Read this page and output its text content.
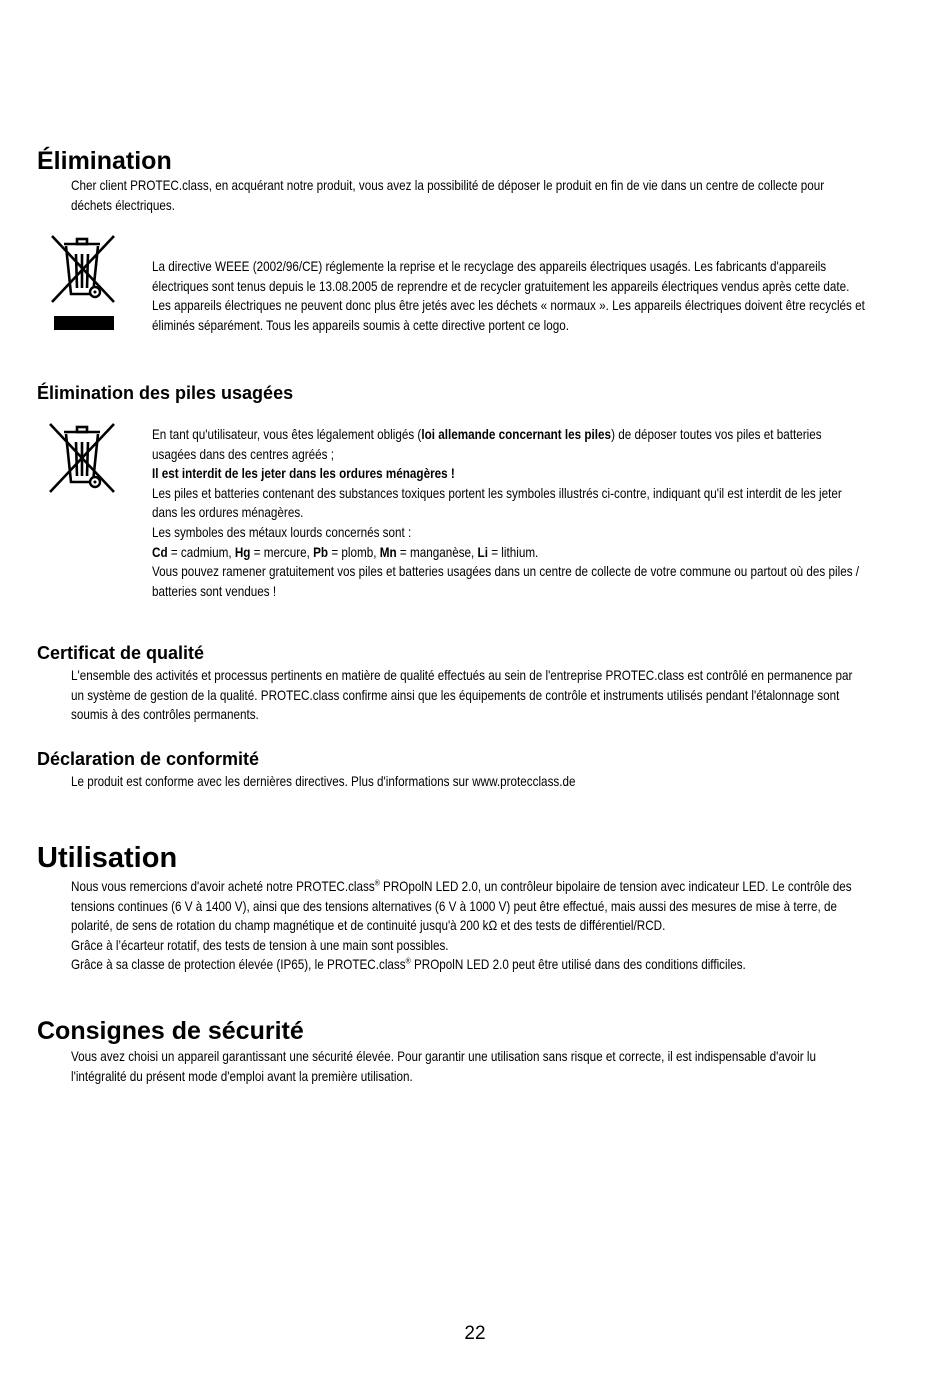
Élimination

Cher client PROTEC.class, en acquérant notre produit, vous avez la possibilité de déposer le produit en fin de vie dans un centre de collecte pour déchets électriques.

La directive WEEE (2002/96/CE) réglemente la reprise et le recyclage des appareils électriques usagés. Les fabricants d'appareils électriques sont tenus depuis le 13.08.2005 de reprendre et de recycler gratuitement les appareils électriques vendus après cette date. Les appareils électriques ne peuvent donc plus être jetés avec les déchets « normaux ». Les appareils électriques doivent être recyclés et éliminés séparément. Tous les appareils soumis à cette directive portent ce logo.

Élimination des piles usagées

En tant qu'utilisateur, vous êtes légalement obligés (loi allemande concernant les piles) de déposer toutes vos piles et batteries usagées dans des centres agréés ;

Il est interdit de les jeter dans les ordures ménagères !

Les piles et batteries contenant des substances toxiques portent les symboles illustrés ci-contre, indiquant qu'il est interdit de les jeter dans les ordures ménagères.

Les symboles des métaux lourds concernés sont :

Cd = cadmium, Hg = mercure, Pb = plomb, Mn = manganèse, Li = lithium.

Vous pouvez ramener gratuitement vos piles et batteries usagées dans un centre de collecte de votre commune ou partout où des piles / batteries sont vendues !

Certificat de qualité

L'ensemble des activités et processus pertinents en matière de qualité effectués au sein de l'entreprise PROTEC.class est contrôlé en permanence par un système de gestion de la qualité. PROTEC.class confirme ainsi que les équipements de contrôle et instruments utilisés pendant l'étalonnage sont soumis à des contrôles permanents.

Déclaration de conformité

Le produit est conforme avec les dernières directives. Plus d'informations sur www.protecclass.de

Utilisation

Nous vous remercions d'avoir acheté notre PROTEC.class® PROpolN LED 2.0, un contrôleur bipolaire de tension avec indicateur LED. Le contrôle des tensions continues (6 V à 1400 V), ainsi que des tensions alternatives (6 V à 1000 V) peut être effectué, mais aussi des mesures de mise à terre, de polarité, de sens de rotation du champ magnétique et de continuité jusqu'à 200 kΩ et des tests de différentiel/RCD.

Grâce à l’écarteur rotatif, des tests de tension à une main sont possibles.

Grâce à sa classe de protection élevée (IP65), le PROTEC.class® PROpolN LED 2.0 peut être utilisé dans des conditions difficiles.

Consignes de sécurité

Vous avez choisi un appareil garantissant une sécurité élevée. Pour garantir une utilisation sans risque et correcte, il est indispensable d'avoir lu l'intégralité du présent mode d'emploi avant la première utilisation.

22
